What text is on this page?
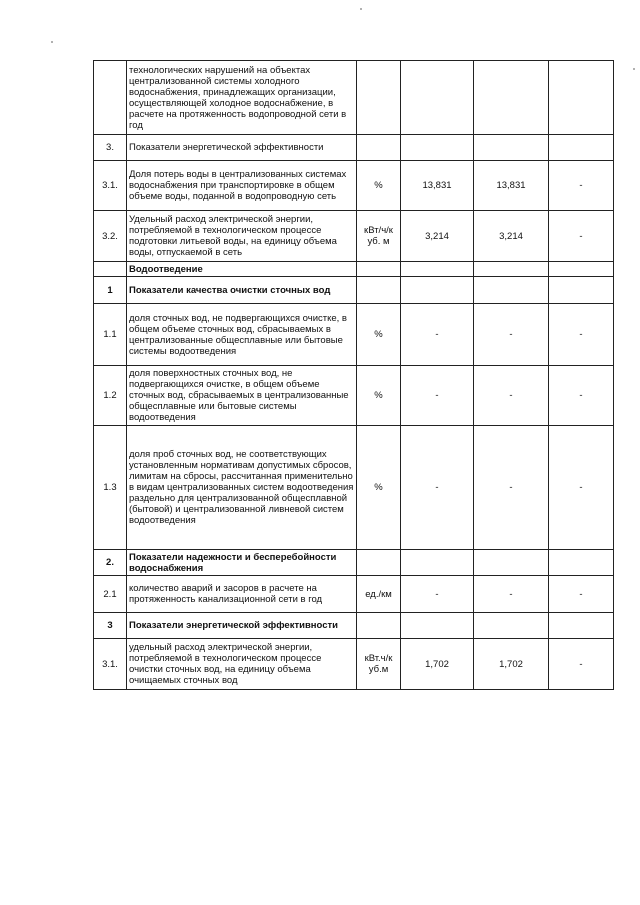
	технологических нарушений на объектах централизованной системы холодного водоснабжения, принадлежащих организации, осуществляющей холодное водоснабжение, в расчете на протяженность водопроводной сети в год				
3.	Показатели энергетической эффективности				
3.1.	Доля потерь воды в централизованных системах водоснабжения при транспортировке в общем объеме воды, поданной в водопроводную сеть	%	13,831	13,831	-
3.2.	Удельный расход электрической энергии, потребляемой в технологическом процессе подготовки литьевой воды, на единицу объема воды, отпускаемой в сеть	кВт/ч/к уб. м	3,214	3,214	-
	Водоотведение				
1	Показатели качества очистки сточных вод				
1.1	доля сточных вод, не подвергающихся очистке, в общем объеме сточных вод, сбрасываемых в централизованные общесплавные или бытовые системы водоотведения	%	-	-	-
1.2	доля поверхностных сточных вод, не подвергающихся очистке, в общем объеме сточных вод, сбрасываемых в централизованные общесплавные или бытовые системы водоотведения	%	-	-	-
1.3	доля проб сточных вод, не соответствующих установленным нормативам допустимых сбросов, лимитам на сбросы, рассчитанная применительно в видам централизованных систем водоотведения раздельно для централизованной общесплавной (бытовой) и централизованной ливневой систем водоотведения	%	-	-	-
2.	Показатели надежности и бесперебойности водоснабжения				
2.1	количество аварий и засоров в расчете на протяженность канализационной сети в год	ед./км	-	-	-
3	Показатели энергетической эффективности				
3.1.	удельный расход электрической энергии, потребляемой в технологическом процессе очистки сточных вод, на единицу объема очищаемых сточных вод	кВт.ч/к уб.м	1,702	1,702	-
